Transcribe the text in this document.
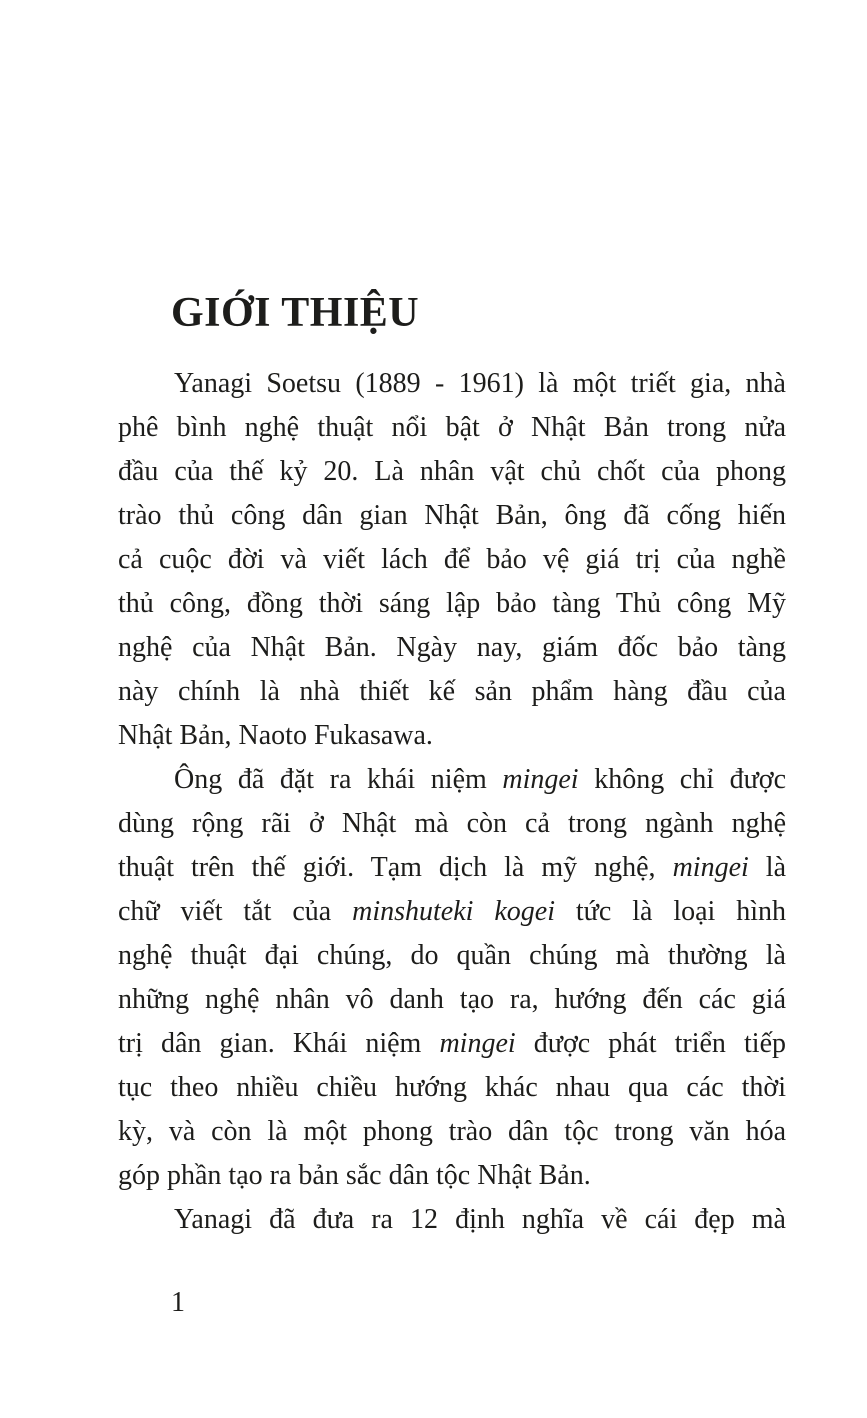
GIỚI THIỆU
Yanagi Soetsu (1889 - 1961) là một triết gia, nhà
phê bình nghệ thuật nổi bật ở Nhật Bản trong nửa
đầu của thế kỷ 20. Là nhân vật chủ chốt của phong
trào thủ công dân gian Nhật Bản, ông đã cống hiến
cả cuộc đời và viết lách để bảo vệ giá trị của nghề
thủ công, đồng thời sáng lập bảo tàng Thủ công Mỹ
nghệ của Nhật Bản. Ngày nay, giám đốc bảo tàng
này chính là nhà thiết kế sản phẩm hàng đầu của
Nhật Bản, Naoto Fukasawa.
Ông đã đặt ra khái niệm mingei không chỉ được
dùng rộng rãi ở Nhật mà còn cả trong ngành nghệ
thuật trên thế giới. Tạm dịch là mỹ nghệ, mingei là
chữ viết tắt của minshuteki kogei tức là loại hình
nghệ thuật đại chúng, do quần chúng mà thường là
những nghệ nhân vô danh tạo ra, hướng đến các giá
trị dân gian. Khái niệm mingei được phát triển tiếp
tục theo nhiều chiều hướng khác nhau qua các thời
kỳ, và còn là một phong trào dân tộc trong văn hóa
góp phần tạo ra bản sắc dân tộc Nhật Bản.
Yanagi đã đưa ra 12 định nghĩa về cái đẹp mà
1
